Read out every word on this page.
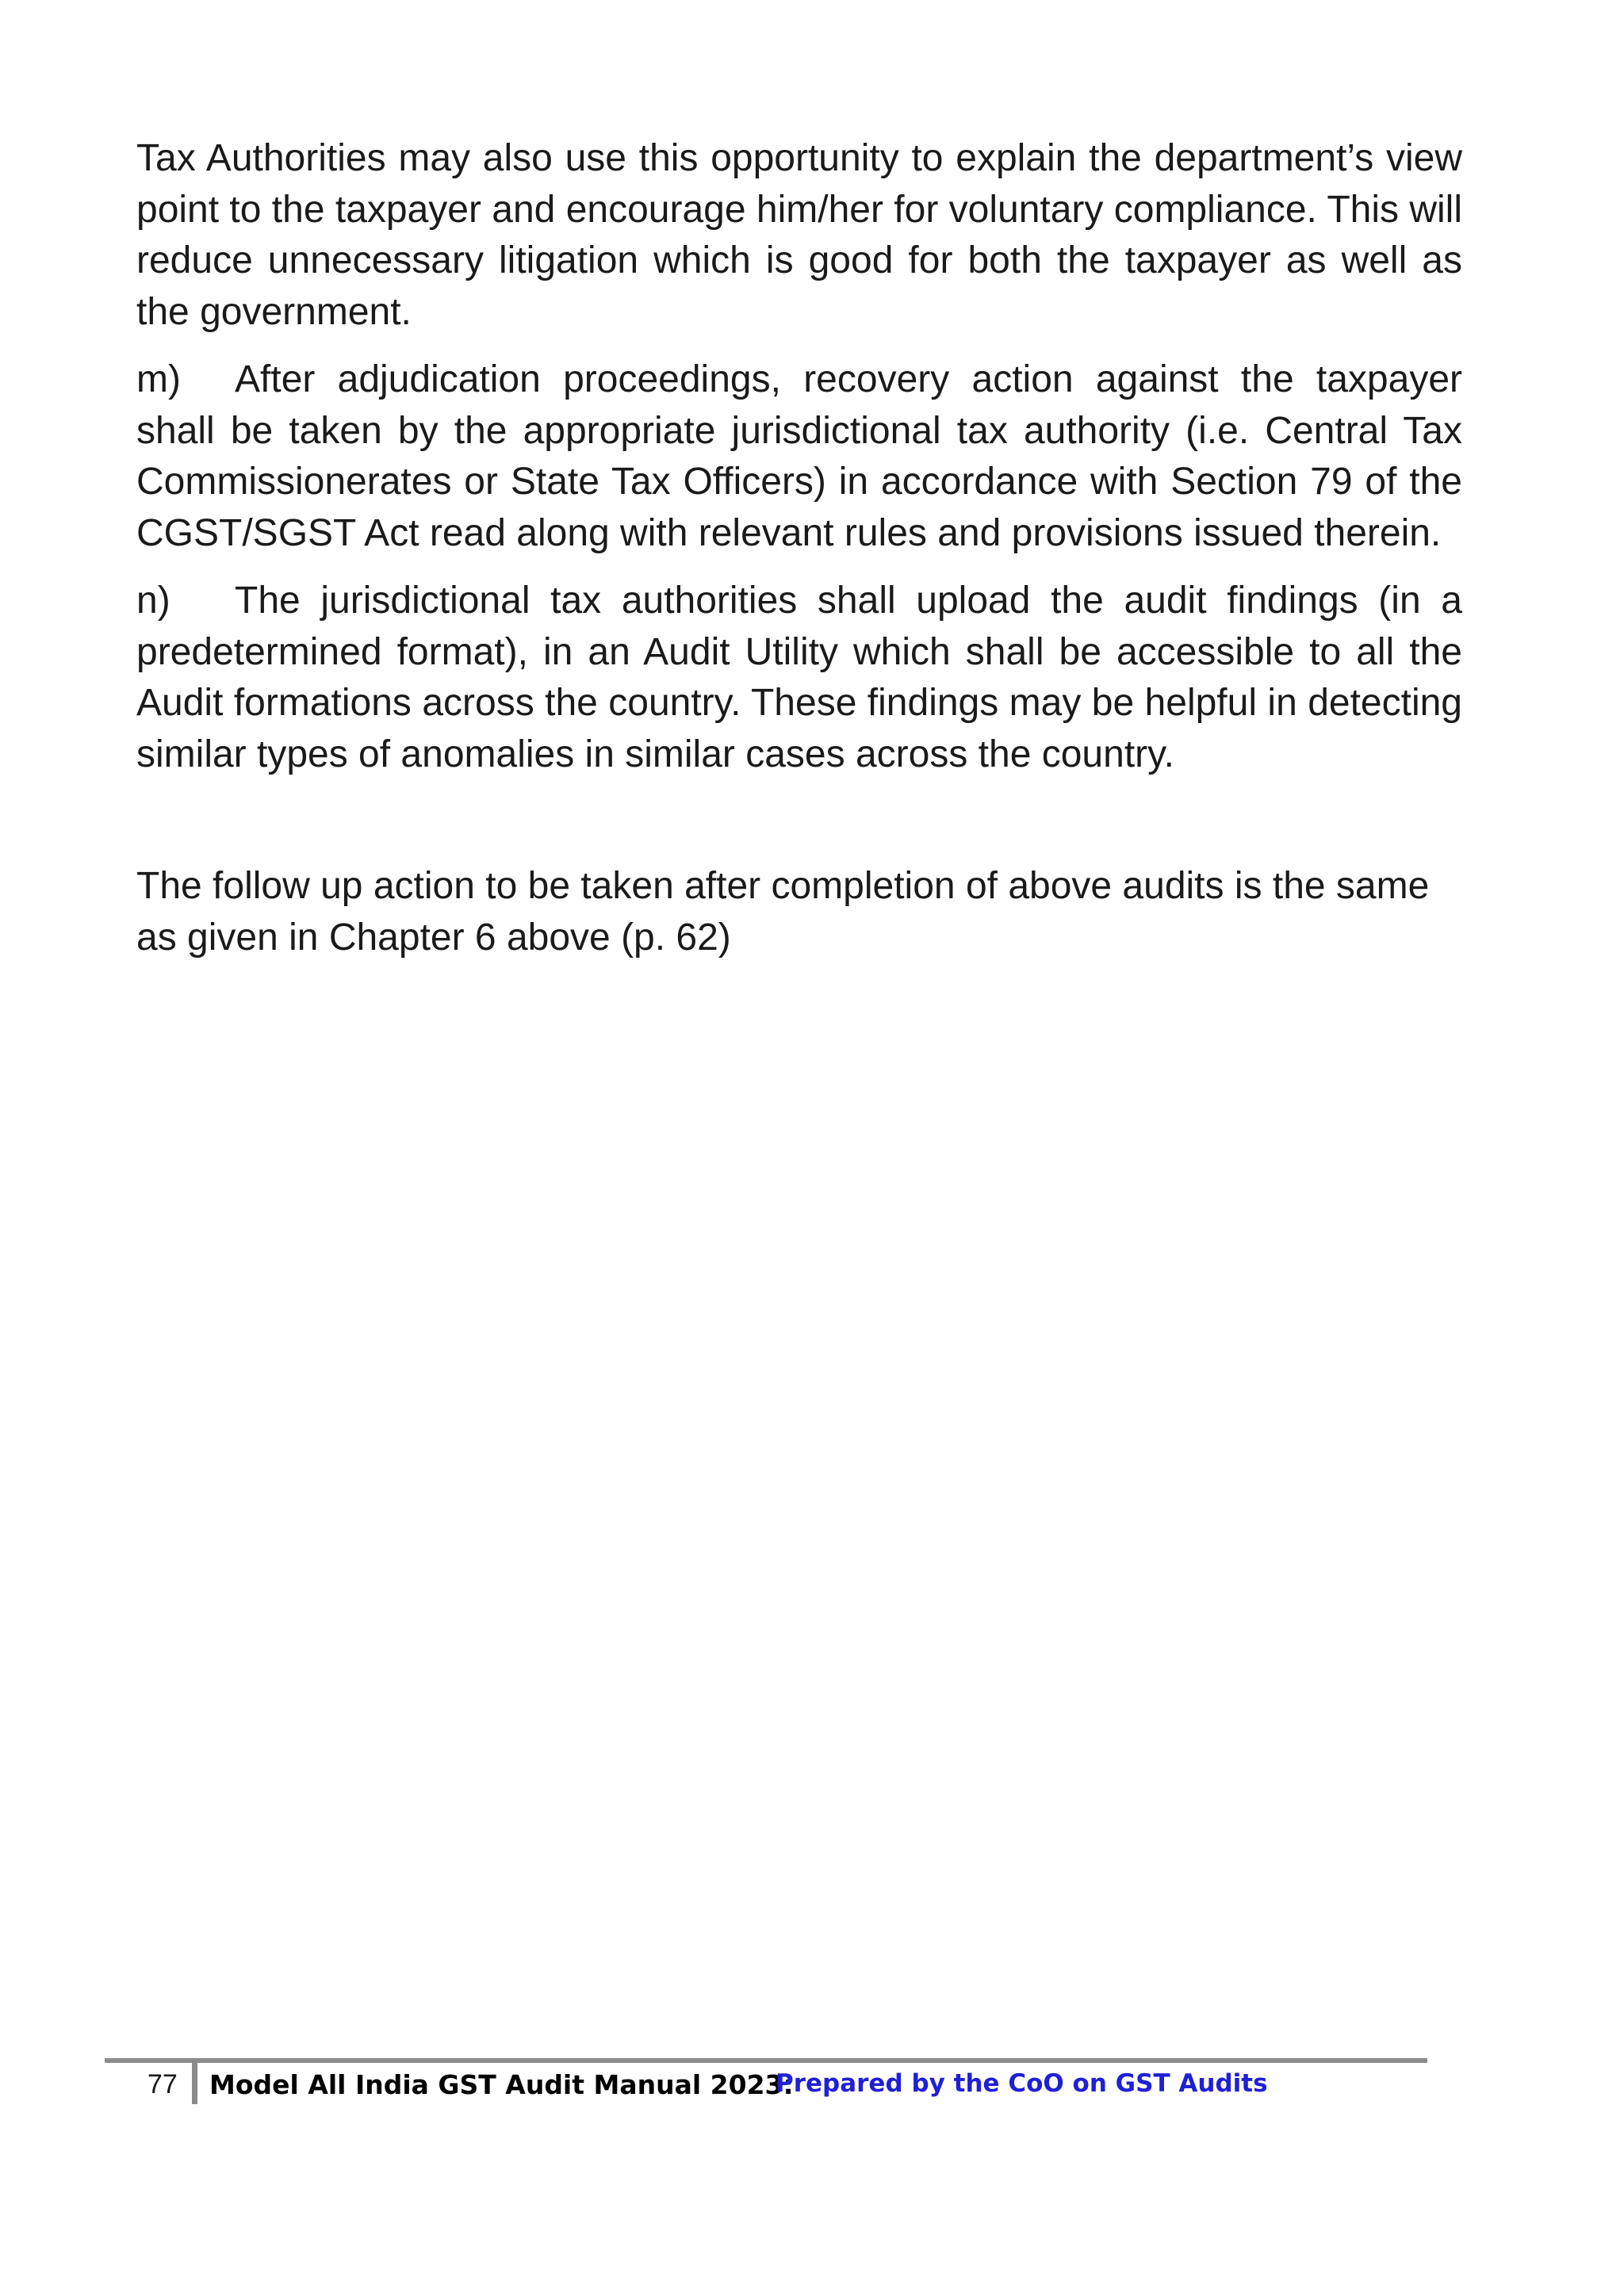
Tax Authorities may also use this opportunity to explain the department’s view point to the taxpayer and encourage him/her for voluntary compliance. This will reduce unnecessary litigation which is good for both the taxpayer as well as the government.

m) After adjudication proceedings, recovery action against the taxpayer shall be taken by the appropriate jurisdictional tax authority (i.e. Central Tax Commissionerates or State Tax Officers) in accordance with Section 79 of the CGST/SGST Act read along with relevant rules and provisions issued therein.

n) The jurisdictional tax authorities shall upload the audit findings (in a predetermined format), in an Audit Utility which shall be accessible to all the Audit formations across the country. These findings may be helpful in detecting similar types of anomalies in similar cases across the country.

The follow up action to be taken after completion of above audits is the same as given in Chapter 6 above (p. 62)

77 Model All India GST Audit Manual 2023:
Prepared by the CoO on GST Audits
